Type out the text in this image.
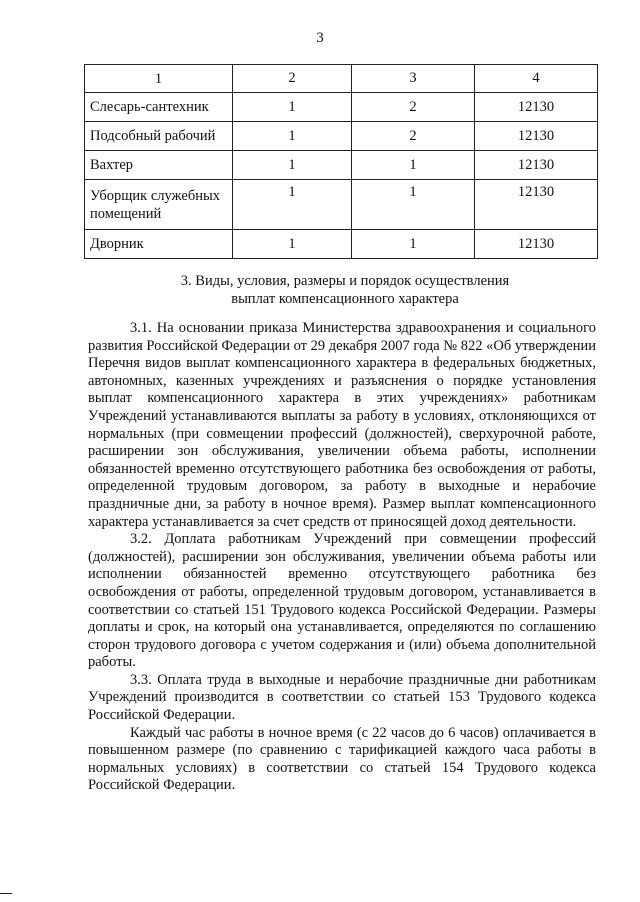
3
1	2	3	4
Слесарь-сантехник	1	2	12130
Подсобный рабочий	1	2	12130
Вахтер	1	1	12130
Уборщик служебных помещений	1	1	12130
Дворник	1	1	12130
3. Виды, условия, размеры и порядок осуществления
выплат компенсационного характера

3.1. На основании приказа Министерства здравоохранения и социального развития Российской Федерации от 29 декабря 2007 года № 822 «Об утверждении Перечня видов выплат компенсационного характера в федеральных бюджетных, автономных, казенных учреждениях и разъяснения о порядке установления выплат компенсационного характера в этих учреждениях» работникам Учреждений устанавливаются выплаты за работу в условиях, отклоняющихся от нормальных (при совмещении профессий (должностей), сверхурочной работе, расширении зон обслуживания, увеличении объема работы, исполнении обязанностей временно отсутствующего работника без освобождения от работы, определенной трудовым договором, за работу в выходные и нерабочие праздничные дни, за работу в ночное время). Размер выплат компенсационного характера устанавливается за счет средств от приносящей доход деятельности.

3.2. Доплата работникам Учреждений при совмещении профессий (должностей), расширении зон обслуживания, увеличении объема работы или исполнении обязанностей временно отсутствующего работника без освобождения от работы, определенной трудовым договором, устанавливается в соответствии со статьей 151 Трудового кодекса Российской Федерации. Размеры доплаты и срок, на который она устанавливается, определяются по соглашению сторон трудового договора с учетом содержания и (или) объема дополнительной работы.

3.3. Оплата труда в выходные и нерабочие праздничные дни работникам Учреждений производится в соответствии со статьей 153 Трудового кодекса Российской Федерации.

Каждый час работы в ночное время (с 22 часов до 6 часов) оплачивается в повышенном размере (по сравнению с тарификацией каждого часа работы в нормальных условиях) в соответствии со статьей 154 Трудового кодекса Российской Федерации.
